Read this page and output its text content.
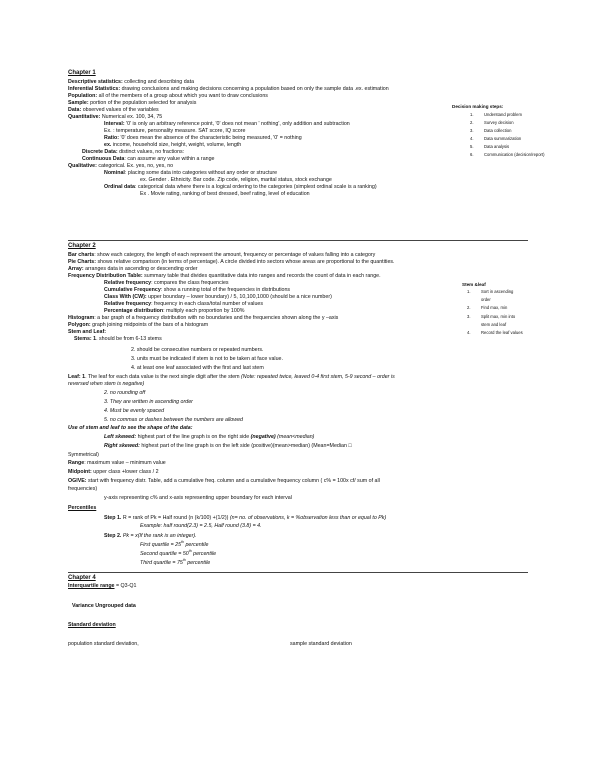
Chapter 1
Descriptive statistics: collecting and describing data
Inferential Statistics: drawing conclusions and making decisions concerning a population based on only the sample data .ex. estimation
Population: all of the members of a group about which you want to draw conclusions
Sample: portion of the population selected for analysis
Data: observed values of the variables
Quantitative: Numerical ex. 100, 34, 75
Interval: '0' is only an arbitrary reference point, '0' does not mean ' nothing', only addition and subtraction
Ex. : temperature, personality measure. SAT score, IQ score
Ratio: '0' does mean the absence of the characteristic being measured, '0' = nothing
ex. income, household size, height, weight, volume, length
Discrete Data: distinct values, no fractions:
Continuous Data: can assume any value within a range
Qualitative: categorical. Ex. yes, no, yes, no
Nominal: placing some data into categories without any order or structure
ex. Gender . Ethnicity. Bar code. Zip code, religion, marital status, stock exchange
Ordinal data: categorical data where there is a logical ordering to the categories (simplest ordinal scale is a ranking)
Ex . Movie rating, ranking of best dressed, beef rating, level of education
Chapter 2
Bar charts: show each category, the length of each represent the amount, frequency or percentage of values falling into a category
Pie Charts: shows relative comparison (in terms of percentage). A circle divided into sectors whose areas are proportional to the quantities.
Array: arranges data in ascending or descending order
Frequency Distribution Table: summary table that divides quantitative data into ranges and records the count of data in each range.
Relative frequency: compares the class frequencies
Cumulative Frequency: show a running total of the frequencies in distributions
Class With (CW): upper boundary – lower boundary) / 5, 10,100,1000 (should be a nice number)
Relative frequency: frequency in each class/total number of values
Percentage distribution: multiply each proportion by 100%
Histogram: a bar graph of a frequency distribution with no boundaries and the frequencies shown along the y –axis
Polygon: graph joining midpoints of the bars of a histogram
Stem and Leaf:
Stems: 1. should be from 6-13 stems
2. should be consecutive numbers or repeated numbers.
3. units must be indicated if stem is not to be taken at face value.
4. at least one leaf associated with the first and last stem
Leaf: 1. The leaf for each data value is the next single digit after the stem (Note: repeated twice, leaved 0-4 first stem, 5-9 second – order is
reversed when stem is negative)
2. no rounding off
3. They are written in ascending order
4. Must be evenly spaced
5. no commas or dashes between the numbers are allowed
Use of stem and leaf to see the shape of the data:
Left skewed: highest part of the line graph is on the right side (negative) (mean<median)
Right skewed: highest part of the line graph is on the left side (positive)(mean>median) (Mean=Median □
Symmetrical)
Range: maximum value – minimum value
Midpoint: upper class +lower class / 2
OGIVE: start with frequency distr. Table, add a cumulative freq. column and a cumulative frequency column ( c% = 100x cf/ sum of all
frequencies)
y-axis representing c% and x-axis representing upper boundary for each interval
Percentiles
Step 1. R = rank of Pk = Half round (n (k/100) +(1/2)) (n= no. of observations, k = %observation less than or equal to Pk)
Example: half round(2.3) = 2.5, Half round (3.8) = 4.
Step 2. Pk = x(If the rank is an integer).
First quartile = 25th percentile
Second quartile = 50th percentile
Third quartile = 75th percentile
Chapter 4
Interquartile range = Q3-Q1
Variance Ungrouped data
Standard deviation
population standard deviation,	sample standard deviation
Decision making steps:
1.	Understand problem
2.	Survey decision
3.	Data collection
4.	Data summarization
5.	Data analysis
6.	Communication (decision/report)
Stem &leaf
1.	Sort in ascending
order
2.	Find max, min
3.	Split max, min into
stem and leaf
4.	Record the leaf values
